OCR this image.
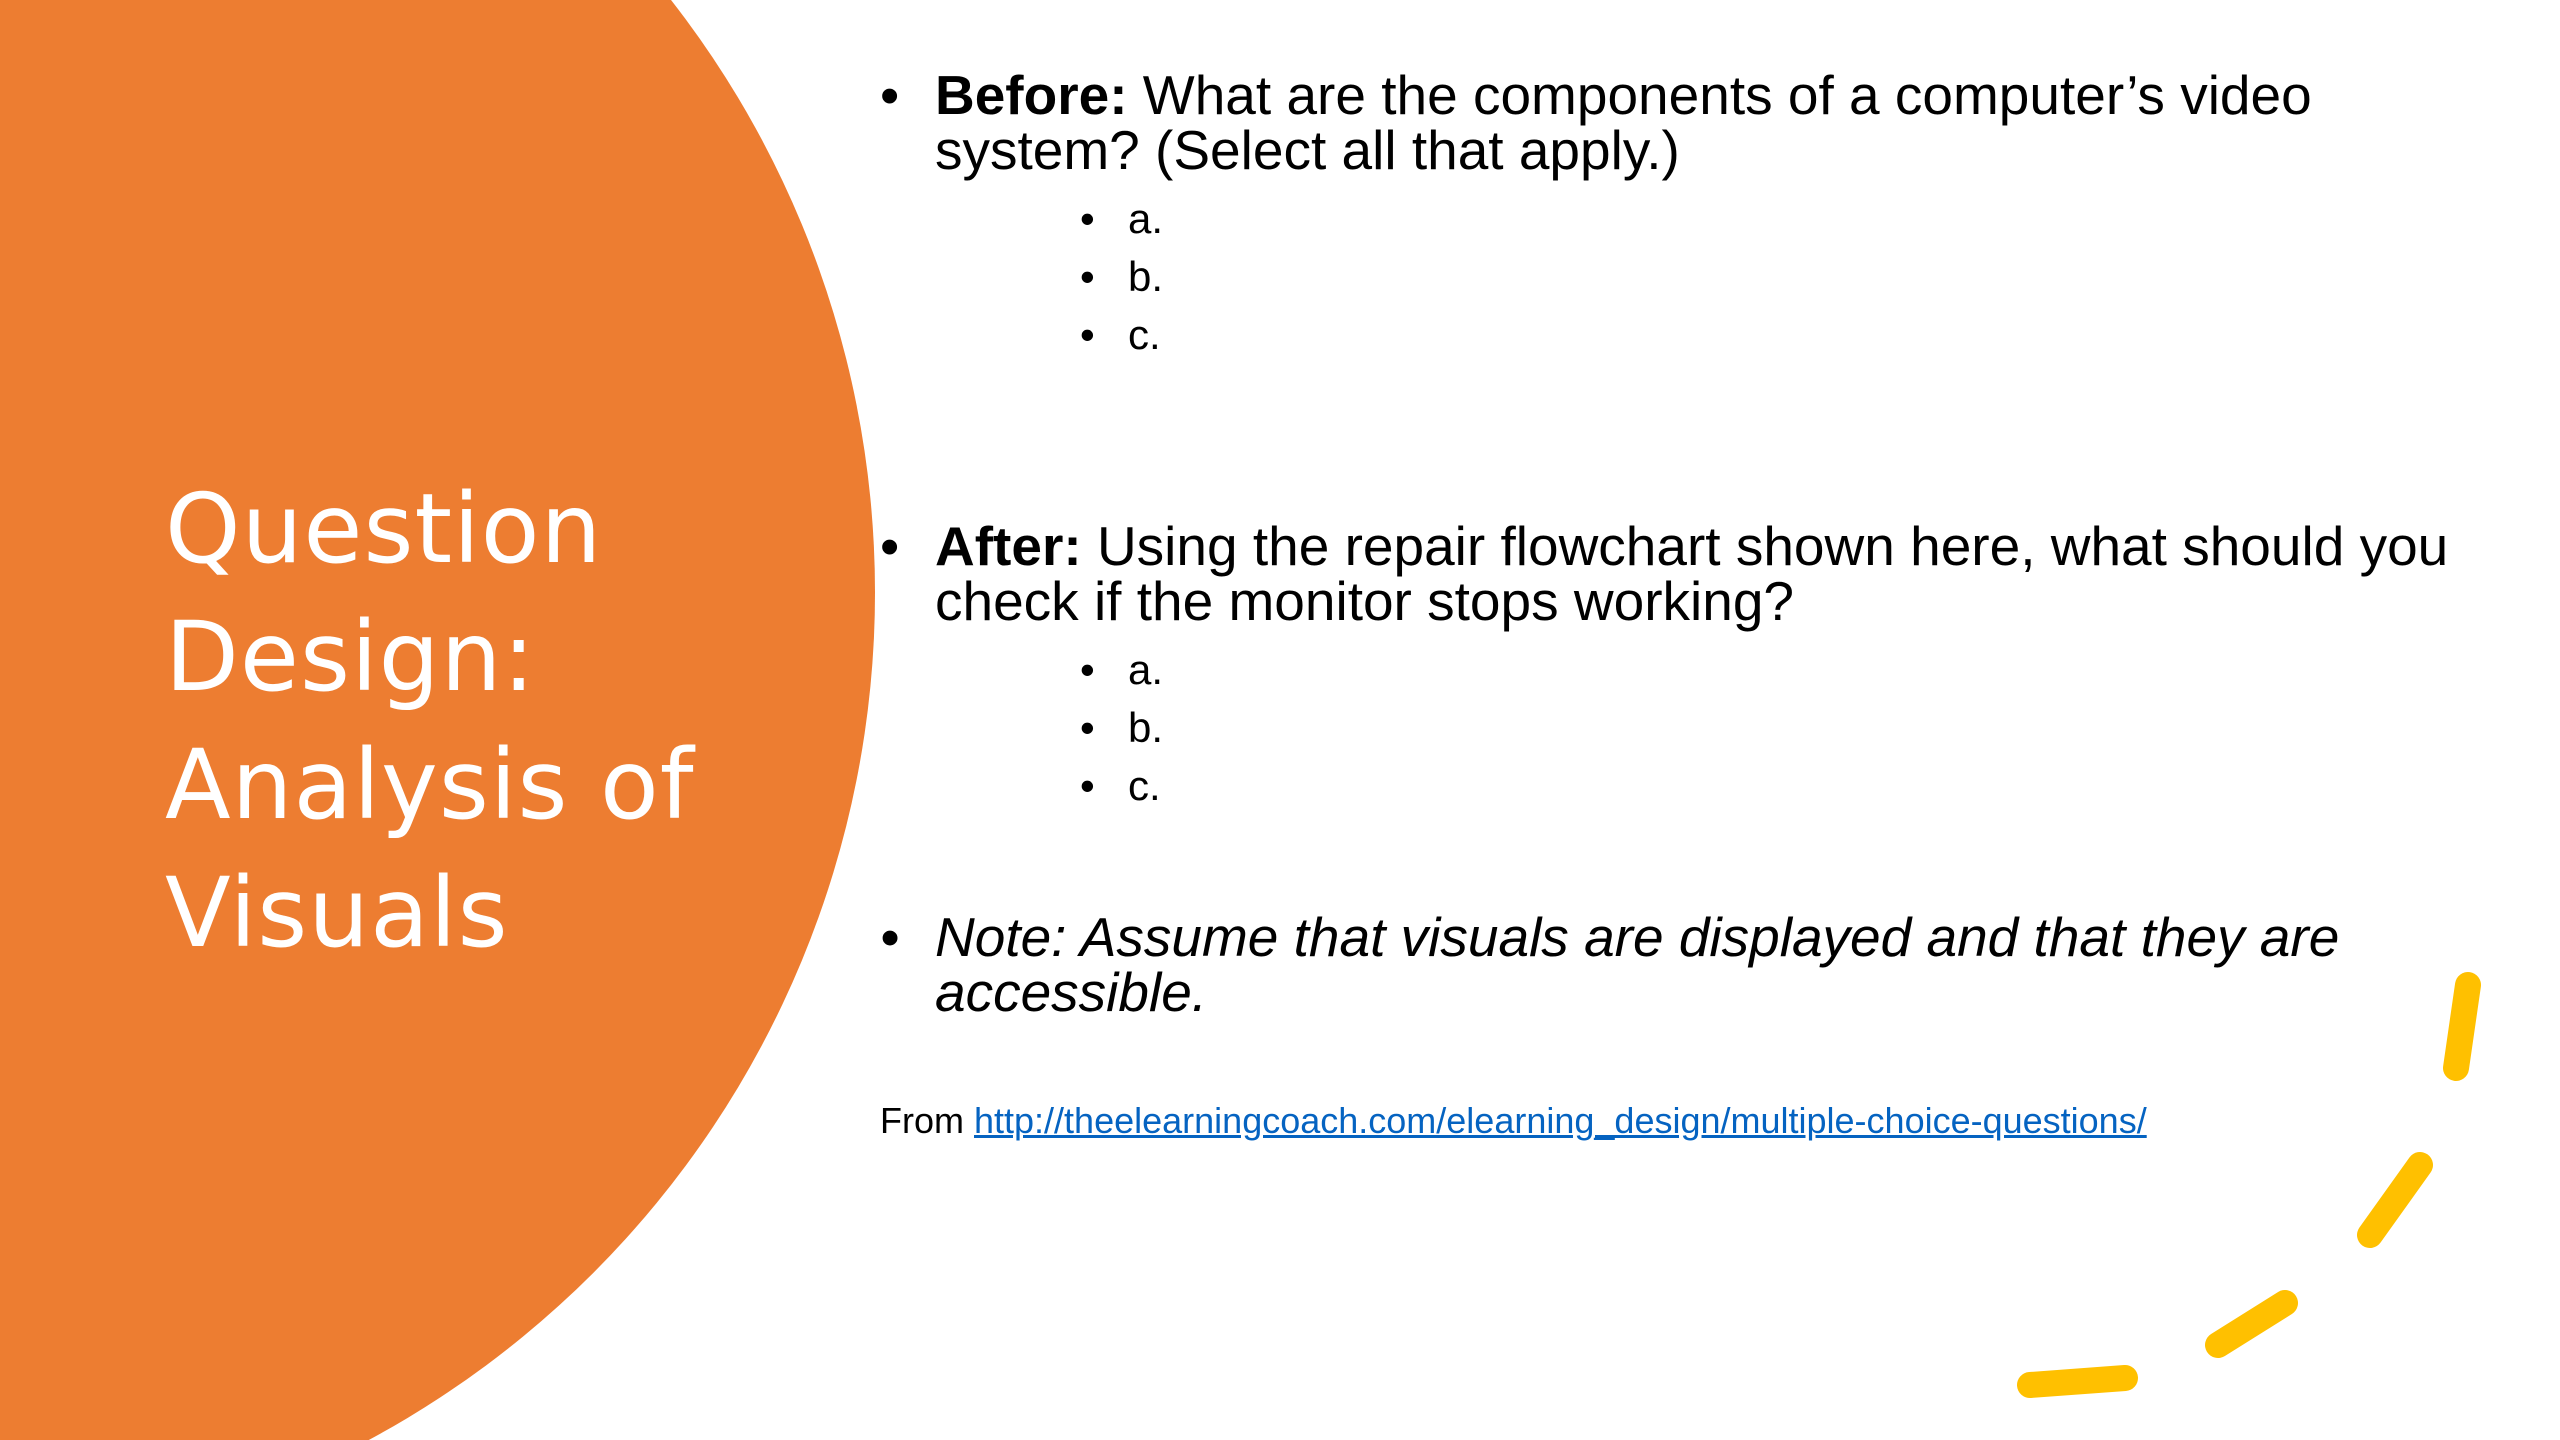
Question Design: Analysis of Visuals
• Before: What are the components of a computer’s video system? (Select all that apply.)
• a.
• b.
• c.
• After: Using the repair flowchart shown here, what should you check if the monitor stops working?
• a.
• b.
• c.
• Note: Assume that visuals are displayed and that they are accessible.
From http://theelearningcoach.com/elearning_design/multiple-choice-questions/
